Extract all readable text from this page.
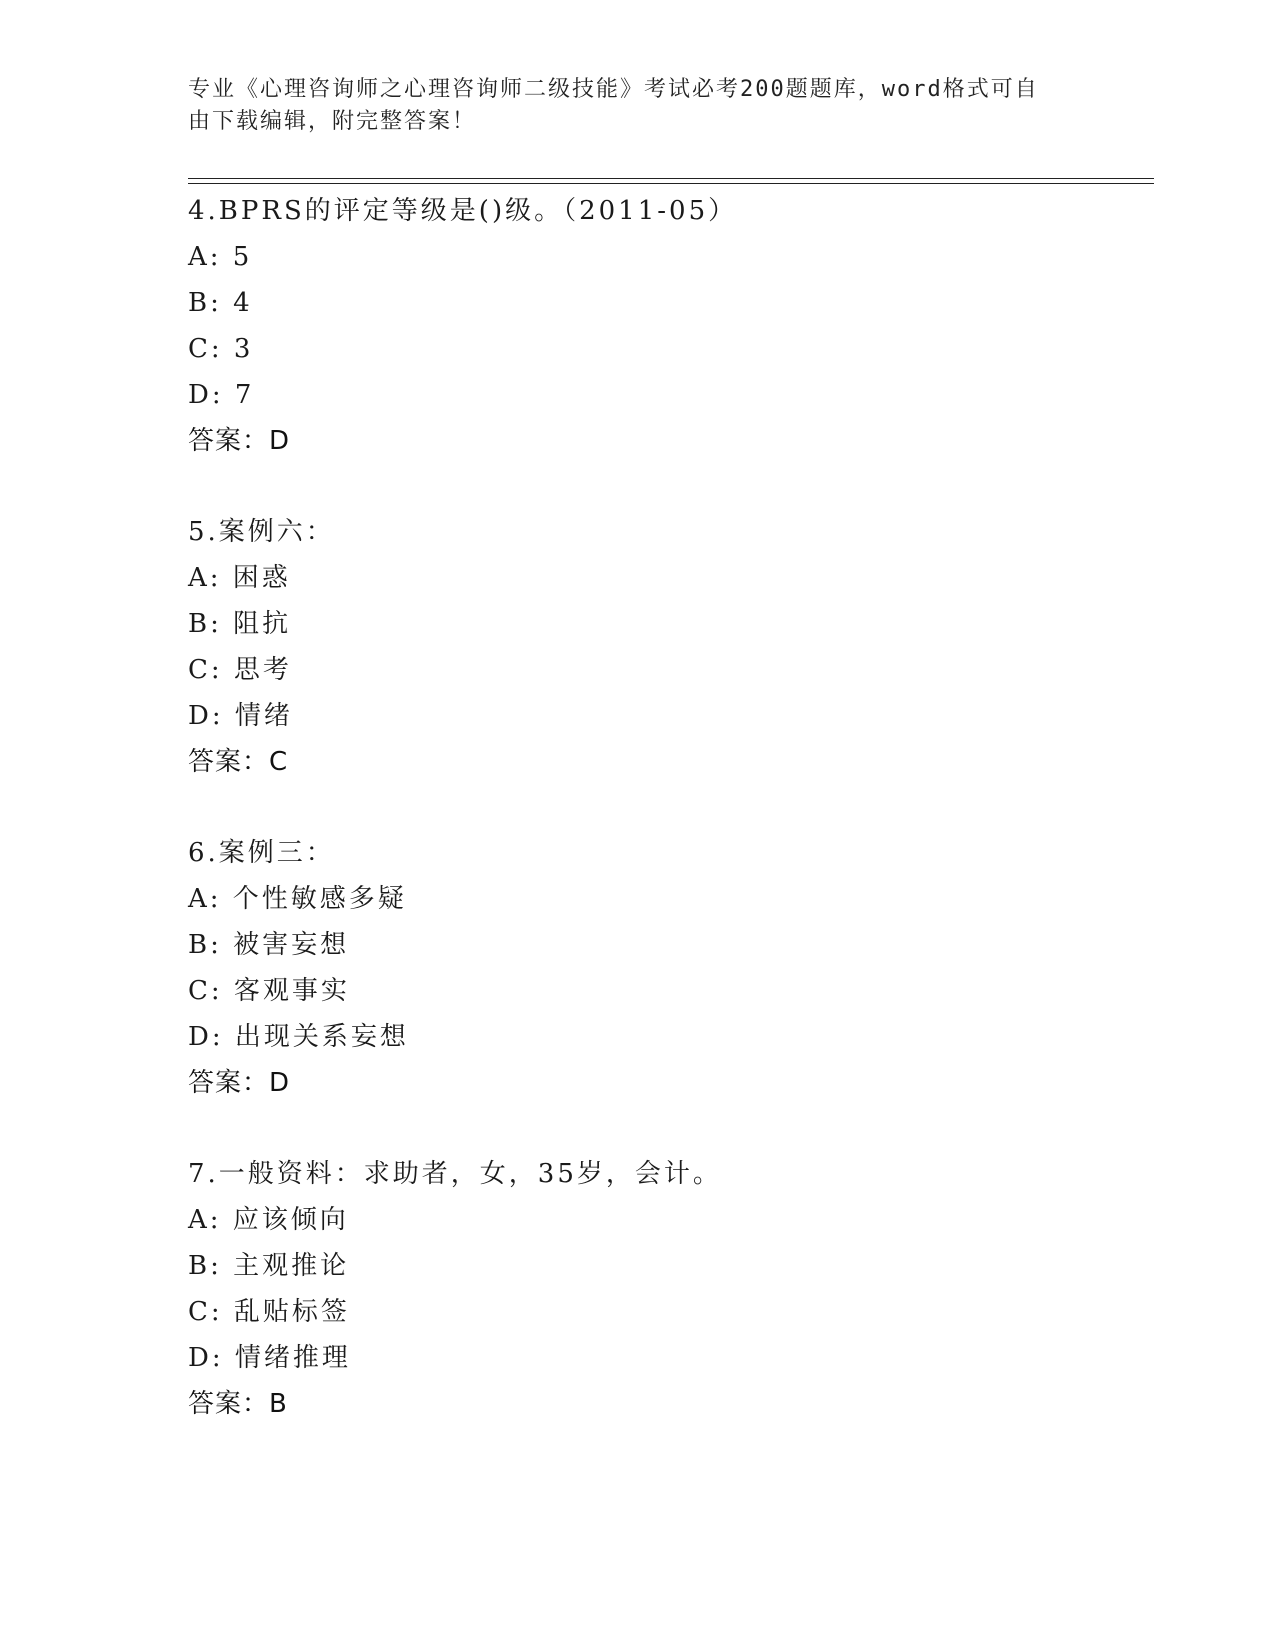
专业《心理咨询师之心理咨询师二级技能》考试必考200题题库，word格式可自
由下载编辑，附完整答案！
4.BPRS的评定等级是()级。（2011-05）
A: 5
B: 4
C: 3
D: 7
答案：D
5.案例六：
A: 困惑
B: 阻抗
C: 思考
D: 情绪
答案：C
6.案例三：
A: 个性敏感多疑
B: 被害妄想
C: 客观事实
D: 出现关系妄想
答案：D
7.一般资料：求助者，女，35岁，会计。
A: 应该倾向
B: 主观推论
C: 乱贴标签
D: 情绪推理
答案：B
